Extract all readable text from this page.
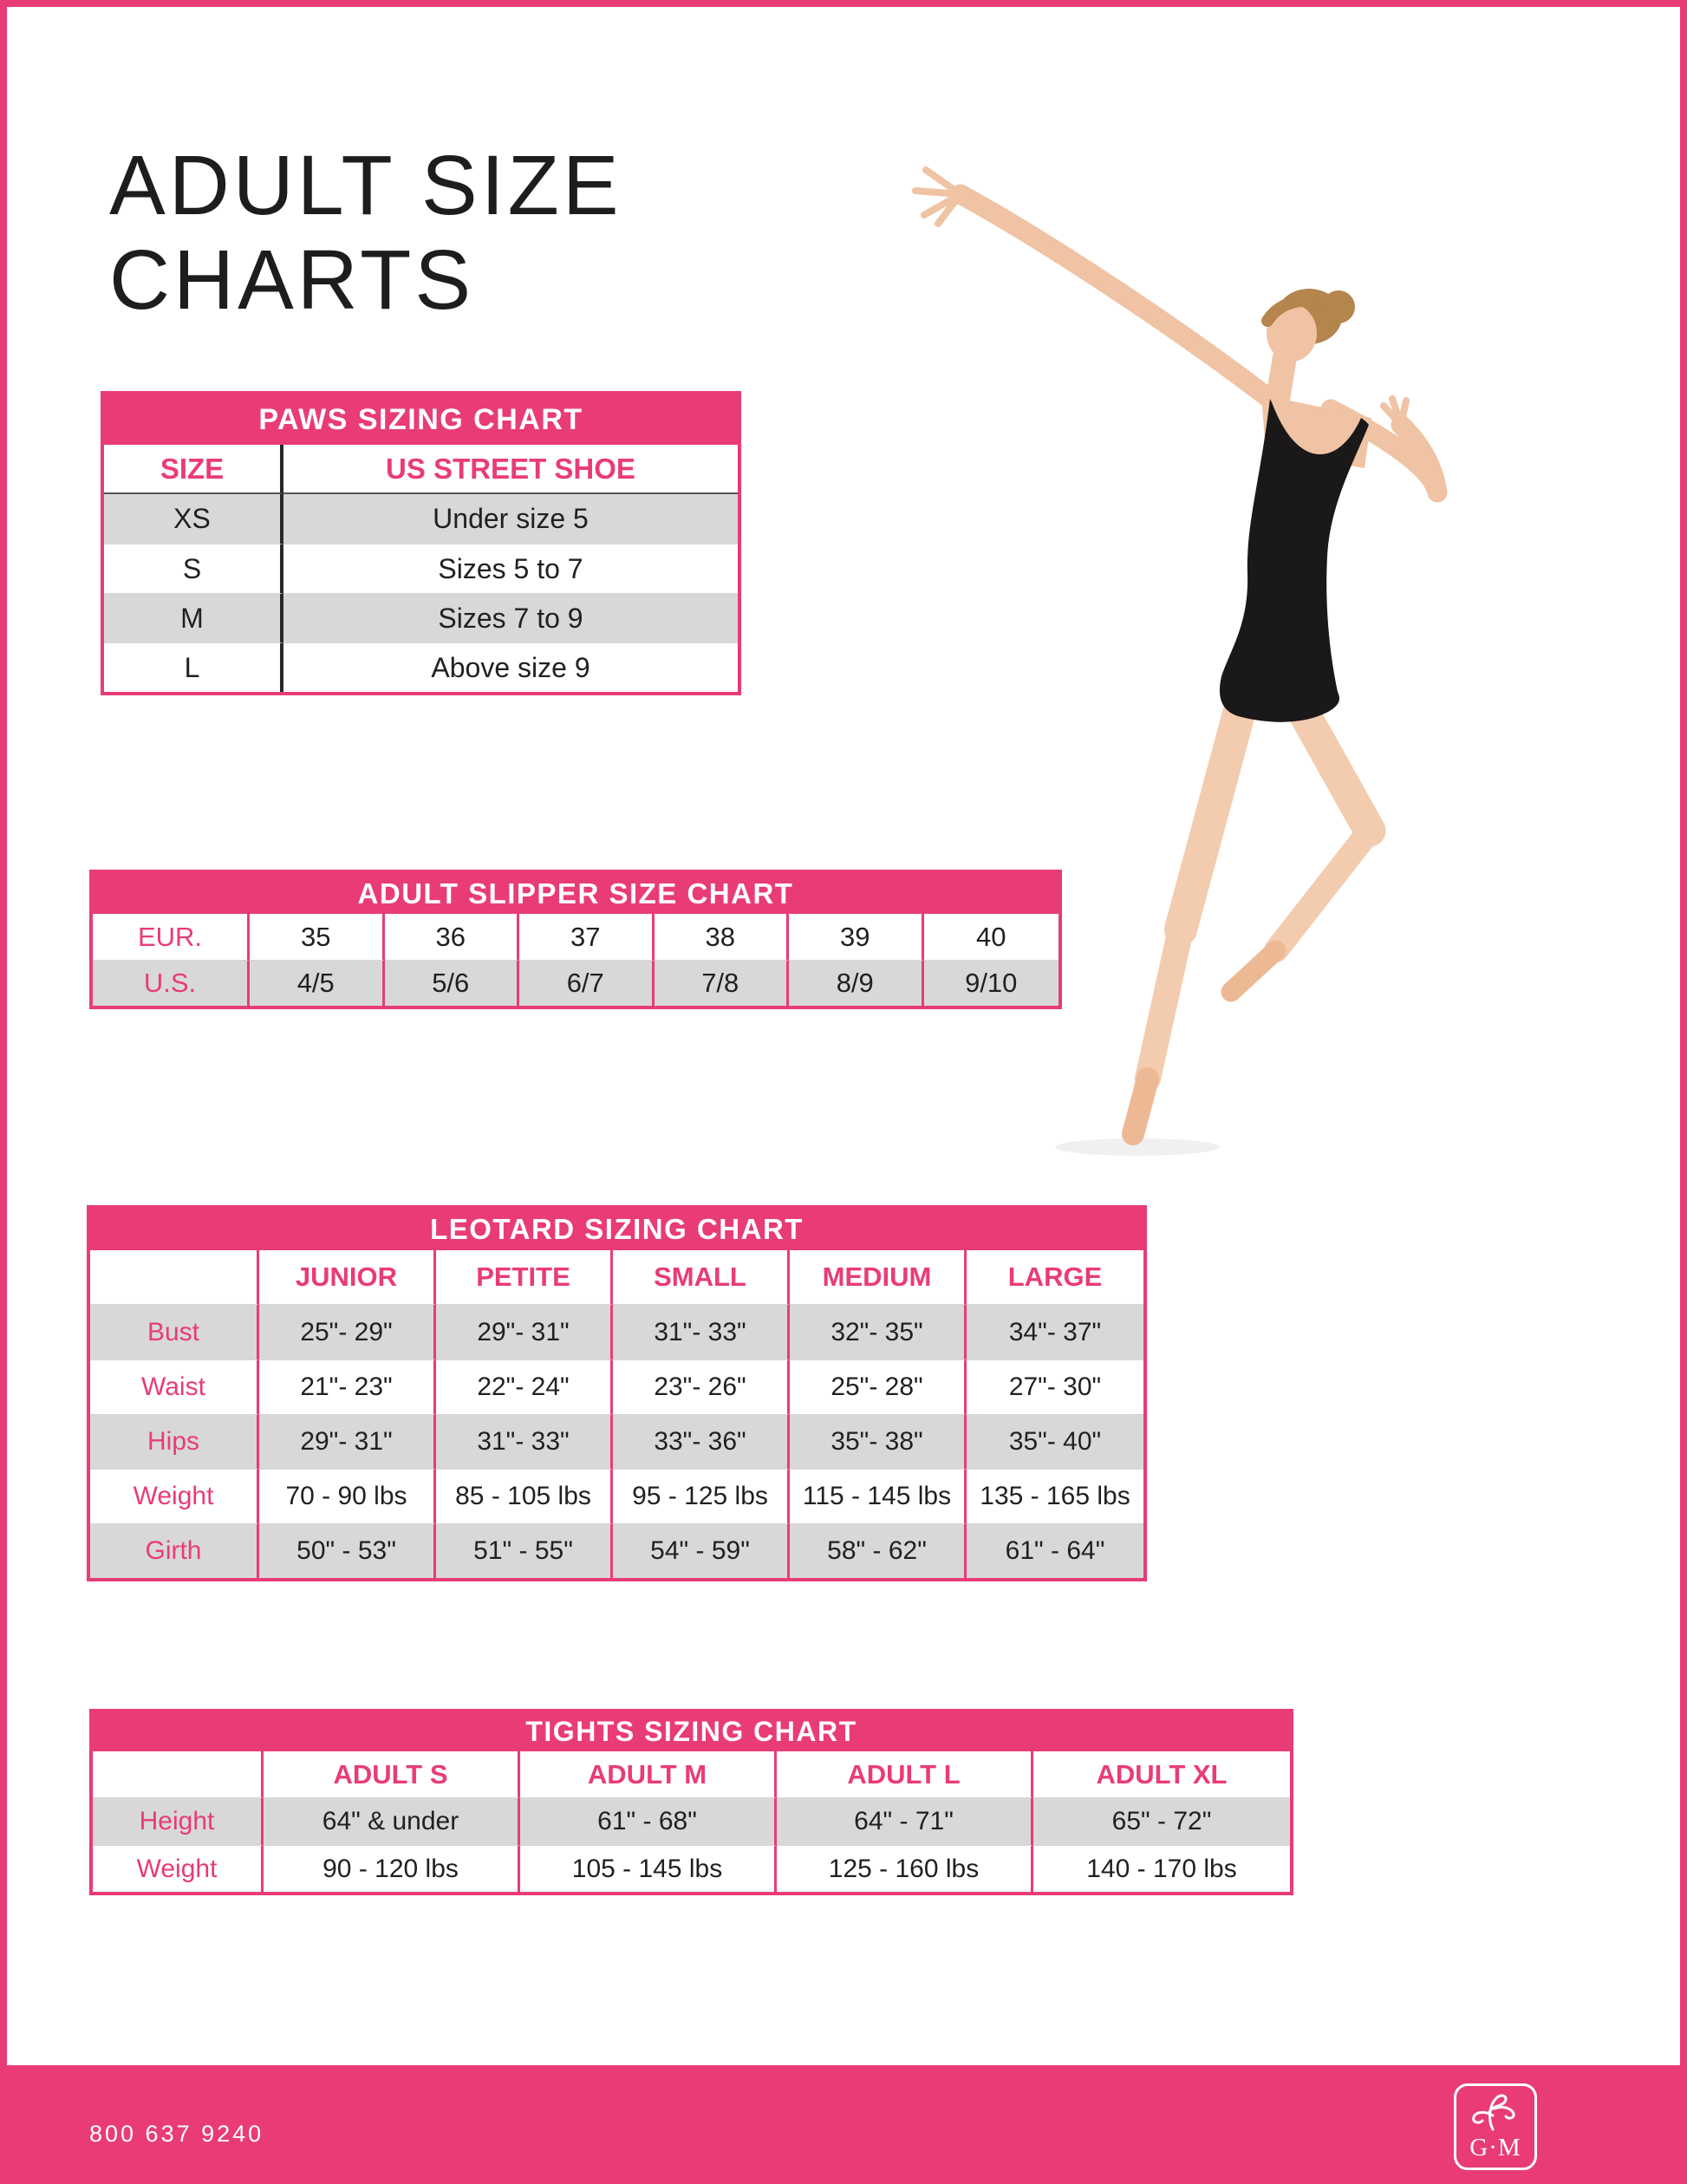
ADULT SIZE
CHARTS
PAWS SIZING CHART
SIZE	US STREET SHOE
XS	Under size 5
S	Sizes 5 to 7
M	Sizes 7 to 9
L	Above size 9
ADULT SLIPPER SIZE CHART
EUR.	35	36	37	38	39	40
U.S.	4/5	5/6	6/7	7/8	8/9	9/10
LEOTARD SIZING CHART
JUNIOR	PETITE	SMALL	MEDIUM	LARGE
Bust	25"- 29"	29"- 31"	31"- 33"	32"- 35"	34"- 37"
Waist	21"- 23"	22"- 24"	23"- 26"	25"- 28"	27"- 30"
Hips	29"- 31"	31"- 33"	33"- 36"	35"- 38"	35"- 40"
Weight	70 - 90 lbs	85 - 105 lbs	95 - 125 lbs	115 - 145 lbs	135 - 165 lbs
Girth	50" - 53"	51" - 55"	54" - 59"	58" - 62"	61" - 64"
TIGHTS SIZING CHART
ADULT S	ADULT M	ADULT L	ADULT XL
Height	64" & under	61" - 68"	64" - 71"	65" - 72"
Weight	90 - 120 lbs	105 - 145 lbs	125 - 160 lbs	140 - 170 lbs
800 637 9240	G·M
